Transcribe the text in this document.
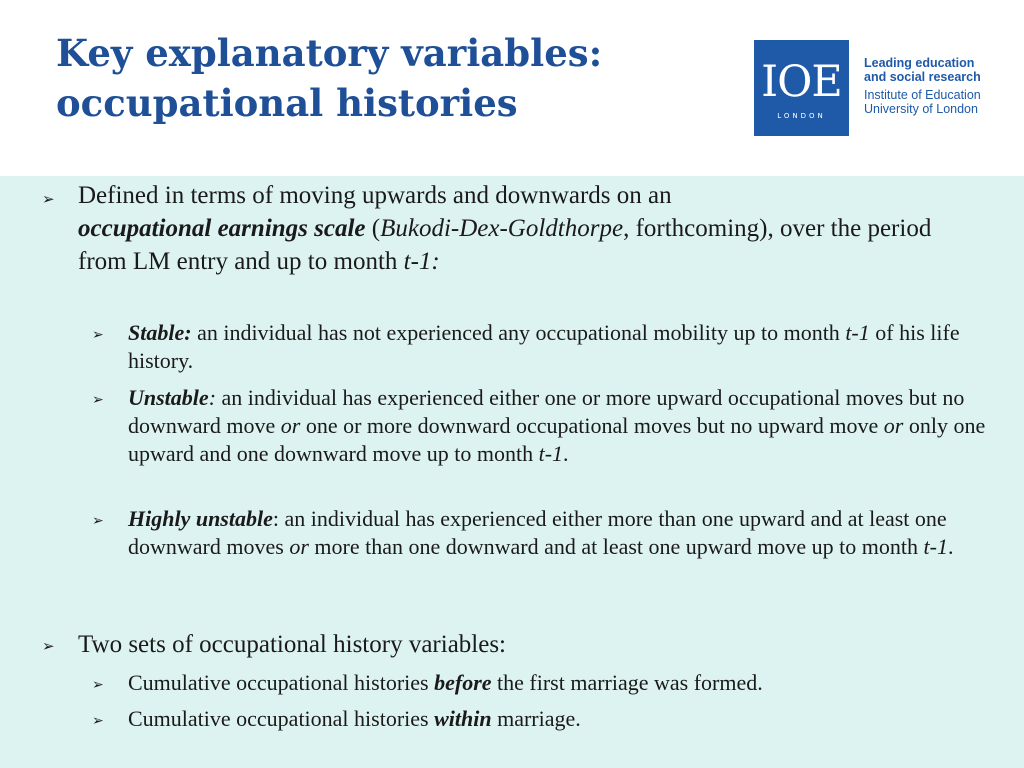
Key explanatory variables:
occupational histories	IOE
LONDON
Leading education
and social research
Institute of Education
University of London
➢ Defined in terms of moving upwards and downwards on an
occupational earnings scale (Bukodi-Dex-Goldthorpe, forthcoming), over the period from LM entry and up to month t-1:
➢ Stable: an individual has not experienced any occupational mobility up to month t-1 of his life history.
➢ Unstable: an individual has experienced either one or more upward occupational moves but no downward move or one or more downward occupational moves but no upward move or only one upward and one downward move up to month t-1.
➢ Highly unstable: an individual has experienced either more than one upward and at least one downward moves or more than one downward and at least one upward move up to month t-1.
➢ Two sets of occupational history variables:
➢ Cumulative occupational histories before the first marriage was formed.
➢ Cumulative occupational histories within marriage.
